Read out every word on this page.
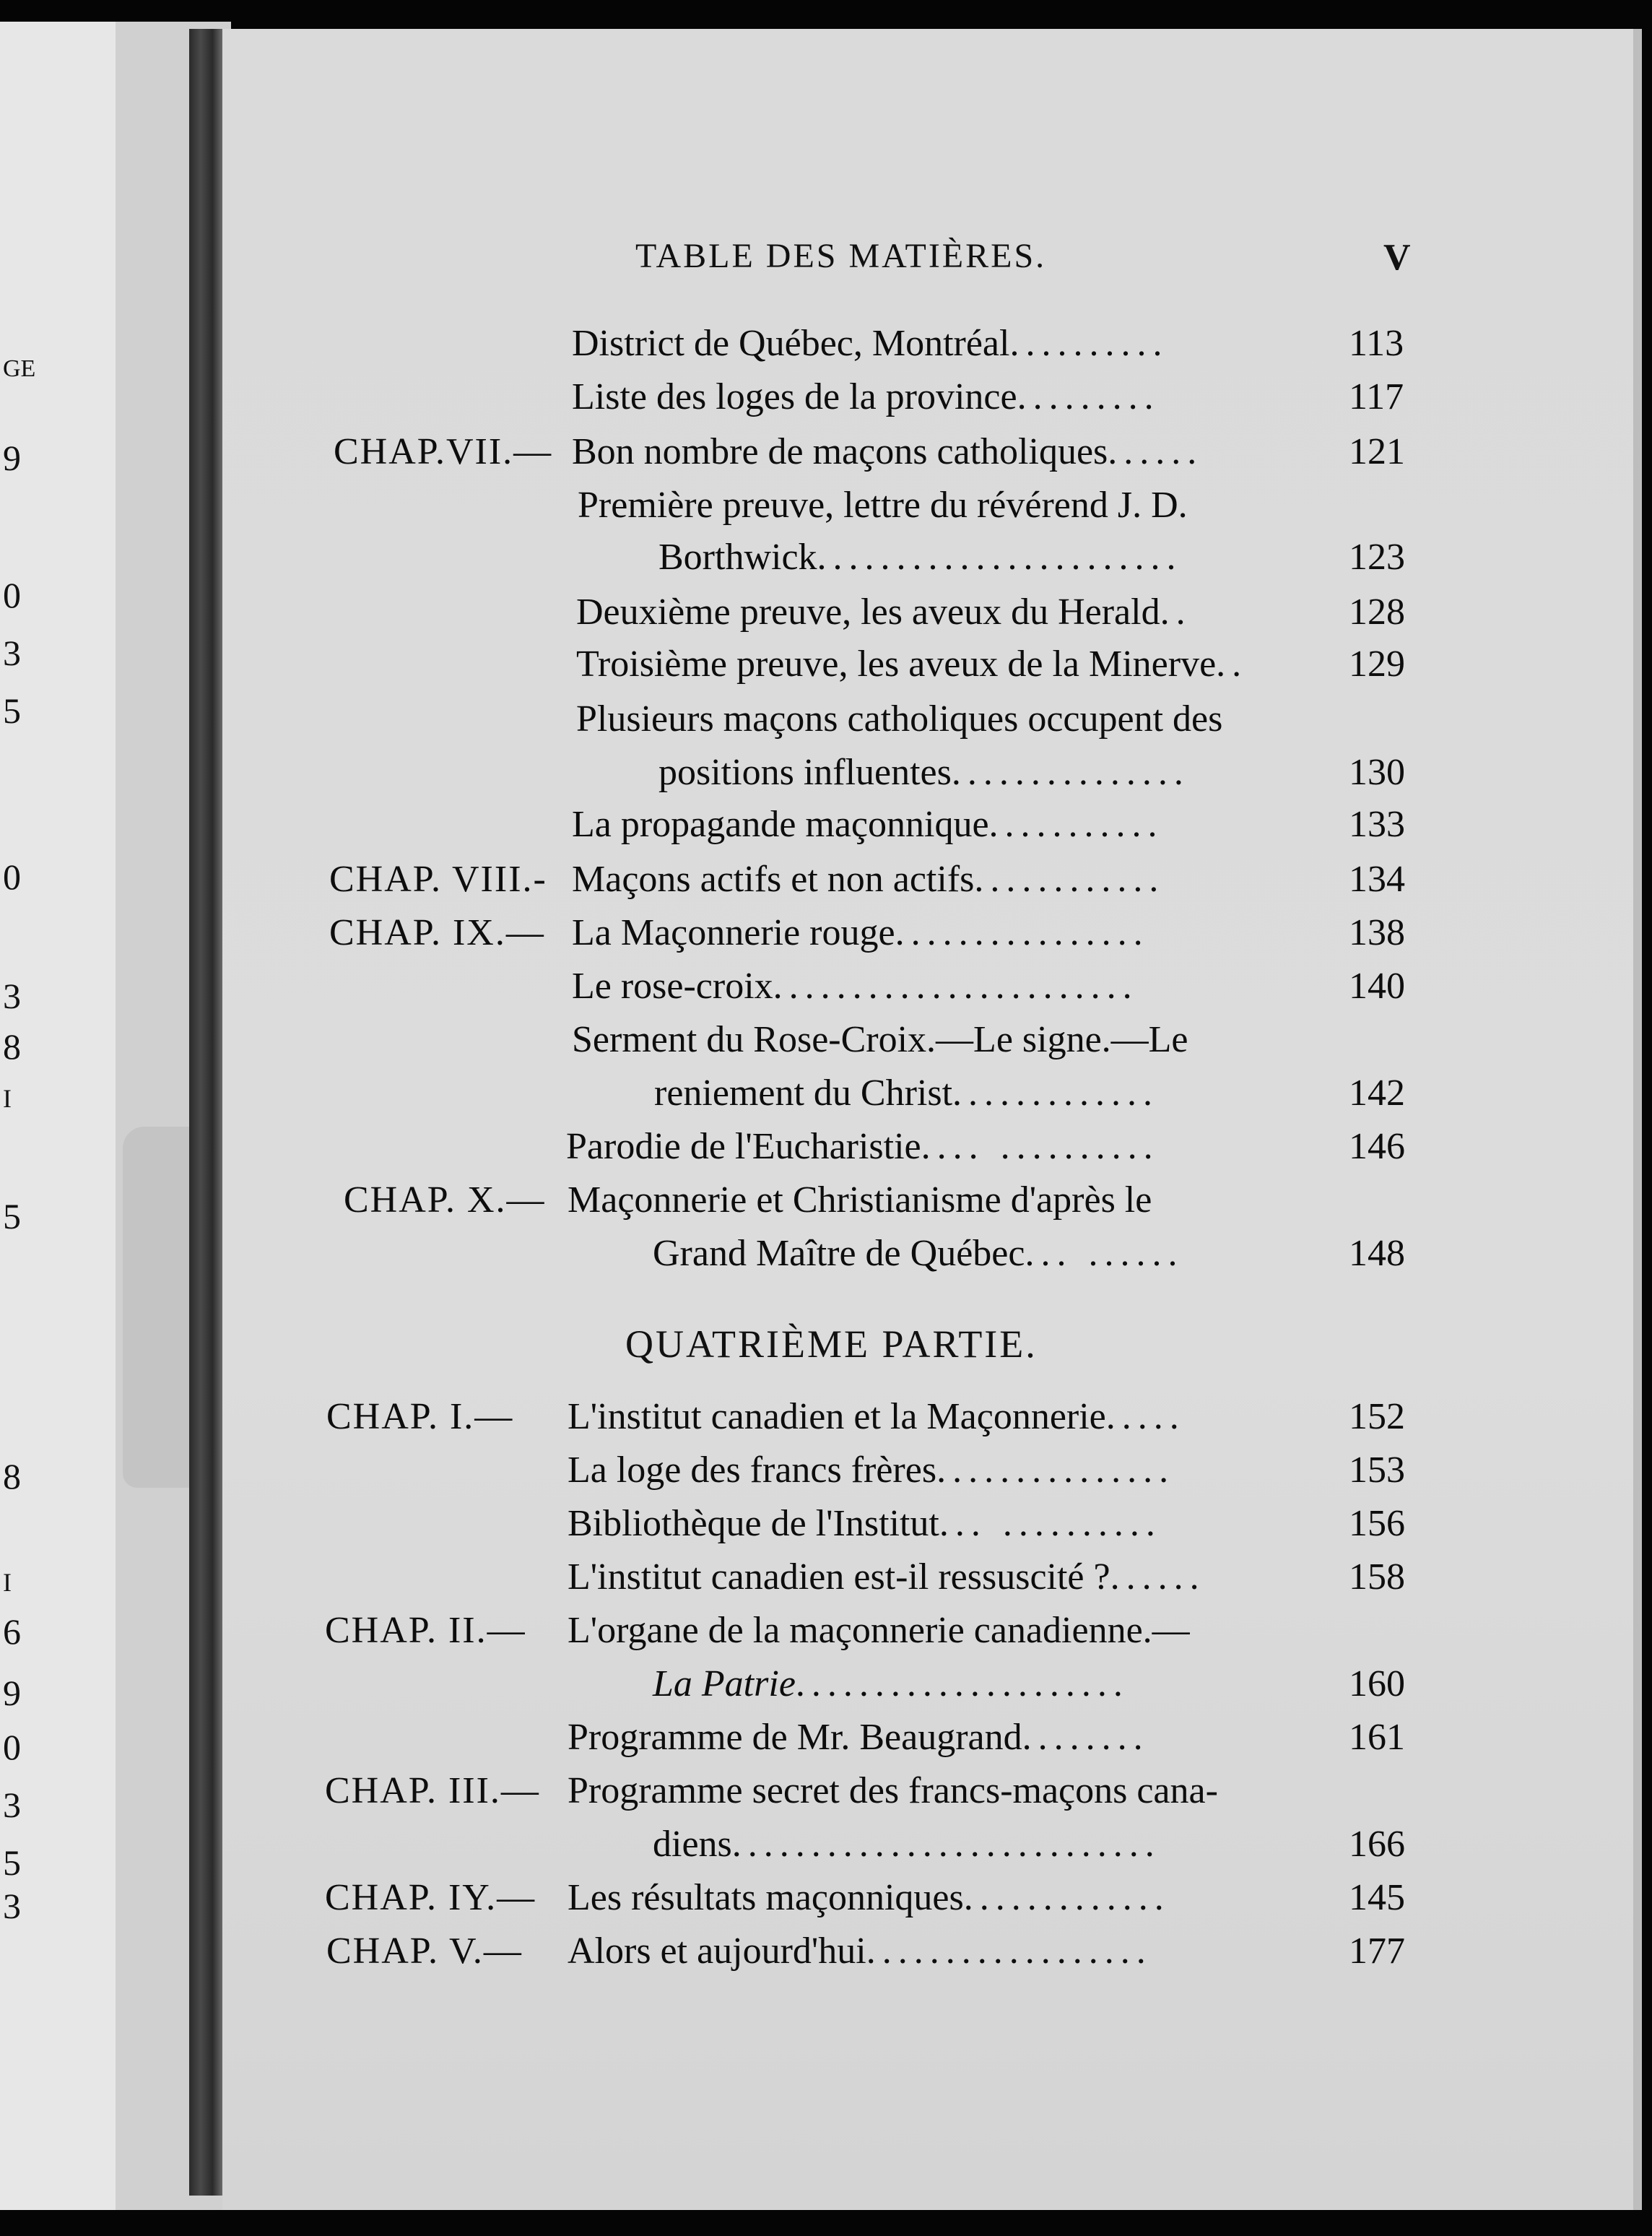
GE
9
0
3
5
0
3
8
I
5
8
I
6
9
0
3
5
3
TABLE DES MATIÈRES.	V
District de Québec, Montréal..........	113
Liste des loges de la province.........	117
CHAP.VII.— Bon nombre de maçons catholiques......	121
Première preuve, lettre du révérend J. D.
Borthwick.......................	123
Deuxième preuve, les aveux du Herald..	128
Troisième preuve, les aveux de la Minerve..	129
Plusieurs maçons catholiques occupent des
positions influentes...............	130
La propagande maçonnique...........	133
CHAP. VIII.- Maçons actifs et non actifs............	134
CHAP. IX.— La Maçonnerie rouge................	138
Le rose-croix.......................	140
Serment du Rose-Croix.—Le signe.—Le
reniement du Christ.............	142
Parodie de l'Eucharistie.... ..........	146
CHAP. X.— Maçonnerie et Christianisme d'après le
Grand Maître de Québec... ......	148
CHAP. I.— L'institut canadien et la Maçonnerie.....	152
La loge des francs frères...............	153
Bibliothèque de l'Institut... ..........	156
L'institut canadien est-il ressuscité ?......	158
CHAP. II.— L'organe de la maçonnerie canadienne.—
La Patrie.....................	160
Programme de Mr. Beaugrand........	161
CHAP. III.— Programme secret des francs-maçons cana-
diens...........................	166
CHAP. IY.— Les résultats maçonniques.............	145
CHAP. V.— Alors et aujourd'hui..................	177
QUATRIÈME PARTIE.
